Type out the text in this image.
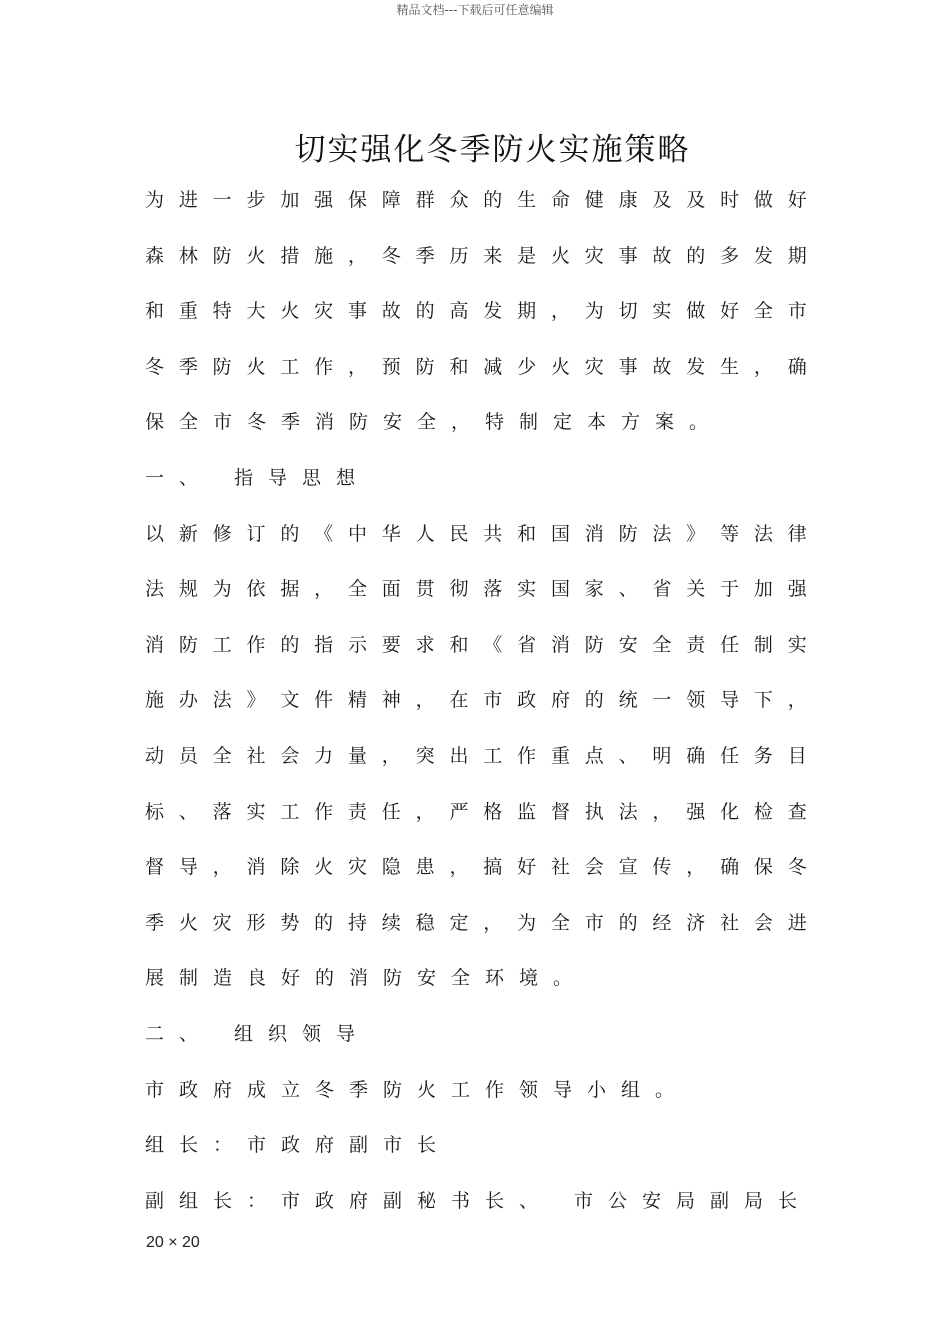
精品文档---下载后可任意编辑
切实强化冬季防火实施策略
为 进 一 步 加 强 保 障 群 众 的 生 命 健 康 及 及 时 做 好
森 林 防 火 措 施 ， 冬 季 历 来 是 火 灾 事 故 的 多 发 期
和 重 特 大 火 灾 事 故 的 高 发 期 ， 为 切 实 做 好 全 市
冬 季 防 火 工 作 ， 预 防 和 减 少 火 灾 事 故 发 生 ， 确
保全市冬季消防安全，特制定本方案。
一、 指导思想
以 新 修 订 的 《 中 华 人 民 共 和 国 消 防 法 》 等 法 律
法 规 为 依 据 ， 全 面 贯 彻 落 实 国 家 、 省 关 于 加 强
消 防 工 作 的 指 示 要 求 和 《 省 消 防 安 全 责 任 制 实
施 办 法 》 文 件 精 神 ， 在 市 政 府 的 统 一 领 导 下 ，
动 员 全 社 会 力 量 ， 突 出 工 作 重 点 、 明 确 任 务 目
标 、 落 实 工 作 责 任 ， 严 格 监 督 执 法 ， 强 化 检 查
督 导 ， 消 除 火 灾 隐 患 ， 搞 好 社 会 宣 传 ， 确 保 冬
季 火 灾 形 势 的 持 续 稳 定 ， 为 全 市 的 经 济 社 会 进
展制造良好的消防安全环境。
二、 组织领导
市政府成立冬季防火工作领导小组。
组长：市政府副市长
副组长：市政府副秘书长、 市公安局副局长
20 × 20
